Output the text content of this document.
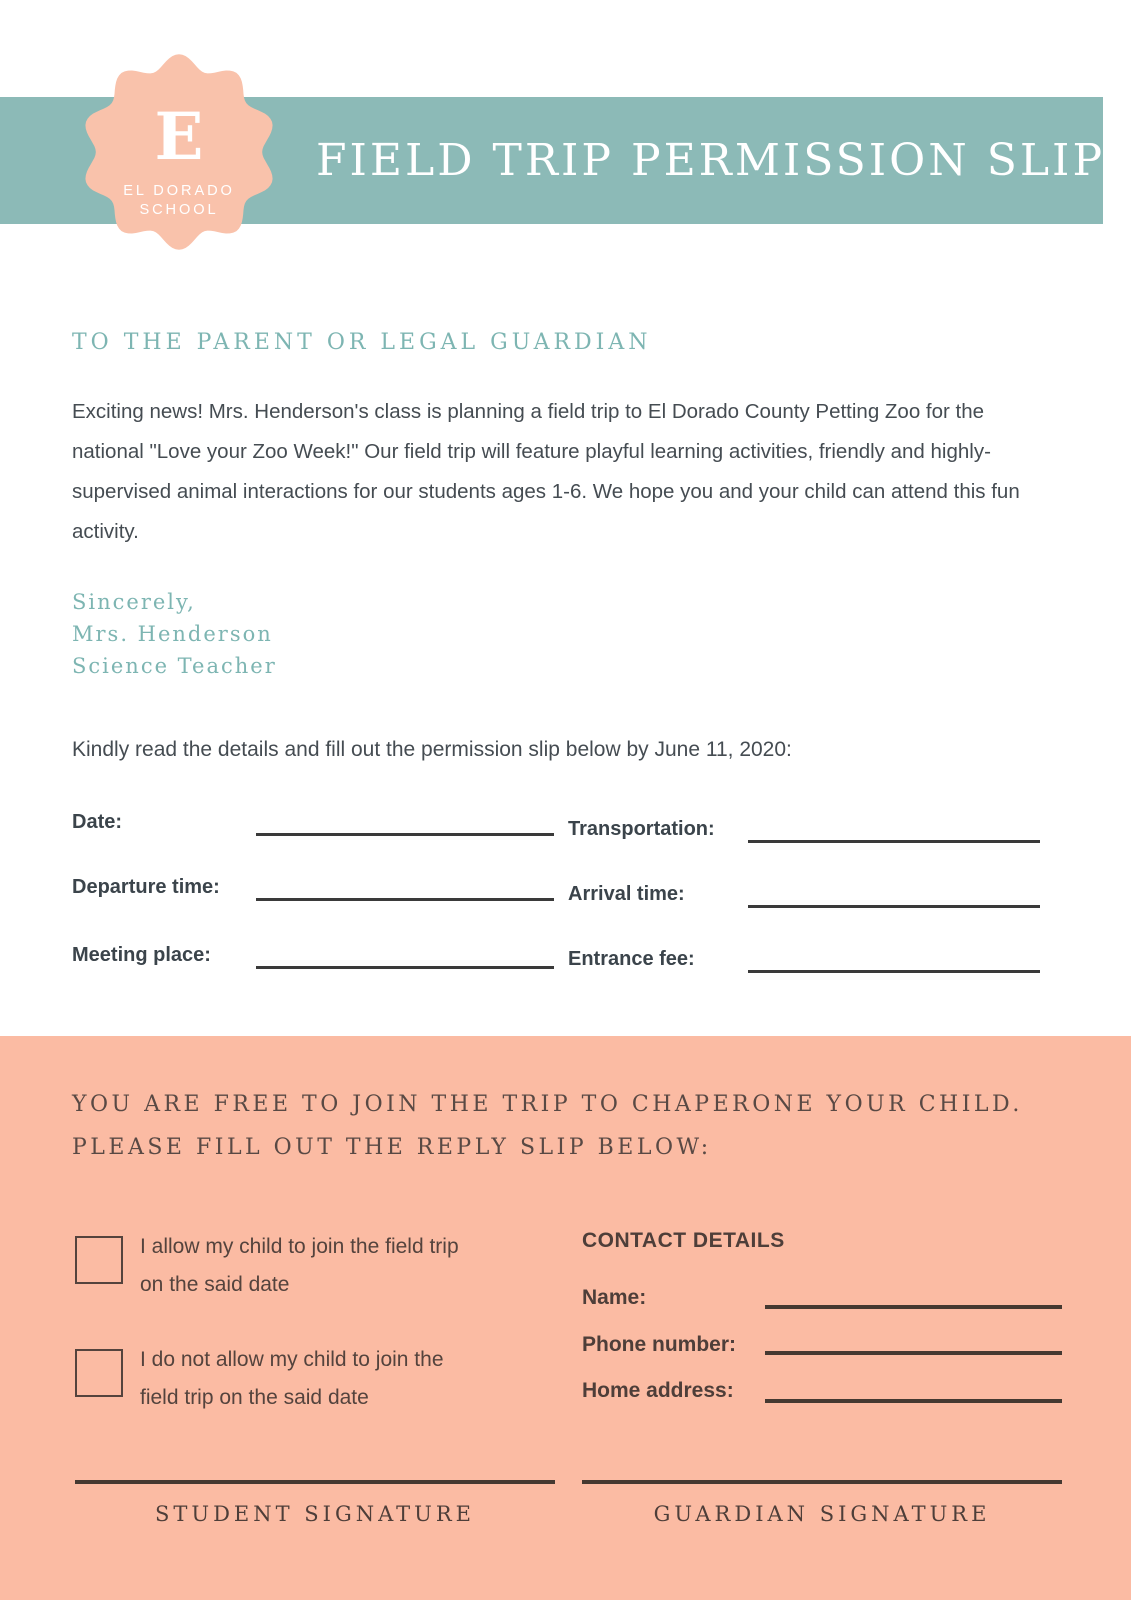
FIELD TRIP PERMISSION SLIP
E
EL DORADO
SCHOOL
TO THE PARENT OR LEGAL GUARDIAN
Exciting news! Mrs. Henderson's class is planning a field trip to El Dorado County Petting Zoo for the national "Love your Zoo Week!" Our field trip will feature playful learning activities, friendly and highly-supervised animal interactions for our students ages 1-6. We hope you and your child can attend this fun activity.
Sincerely,
Mrs. Henderson
Science Teacher
Kindly read the details and fill out the permission slip below by June 11, 2020:
Date:
Departure time:
Meeting place:
Transportation:
Arrival time:
Entrance fee:
YOU ARE FREE TO JOIN THE TRIP TO CHAPERONE YOUR CHILD.
PLEASE FILL OUT THE REPLY SLIP BELOW:
I allow my child to join the field trip on the said date
I do not allow my child to join the field trip on the said date
CONTACT DETAILS
Name:
Phone number:
Home address:
STUDENT SIGNATURE	GUARDIAN SIGNATURE
